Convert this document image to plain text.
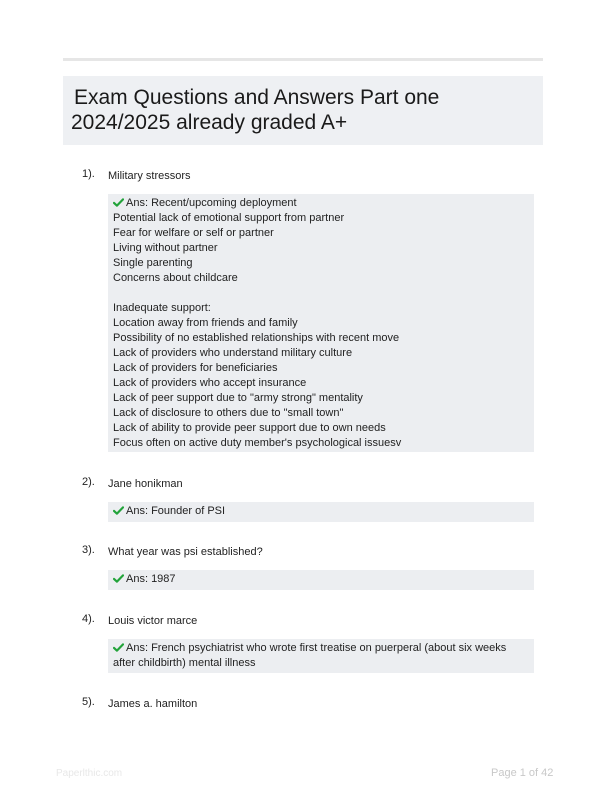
Exam Questions and Answers Part one
2024/2025 already graded A+
1). Military stressors
Ans: Recent/upcoming deployment
Potential lack of emotional support from partner
Fear for welfare or self or partner
Living without partner
Single parenting
Concerns about childcare
Inadequate support:
Location away from friends and family
Possibility of no established relationships with recent move
Lack of providers who understand military culture
Lack of providers for beneficiaries
Lack of providers who accept insurance
Lack of peer support due to "army strong" mentality
Lack of disclosure to others due to "small town"
Lack of ability to provide peer support due to own needs
Focus often on active duty member's psychological issuesv
2). Jane honikman
Ans: Founder of PSI
3). What year was psi established?
Ans: 1987
4). Louis victor marce
Ans: French psychiatrist who wrote first treatise on puerperal (about six weeks after childbirth) mental illness
5). James a. hamilton
Paperlthic.com	Page 1 of 42
